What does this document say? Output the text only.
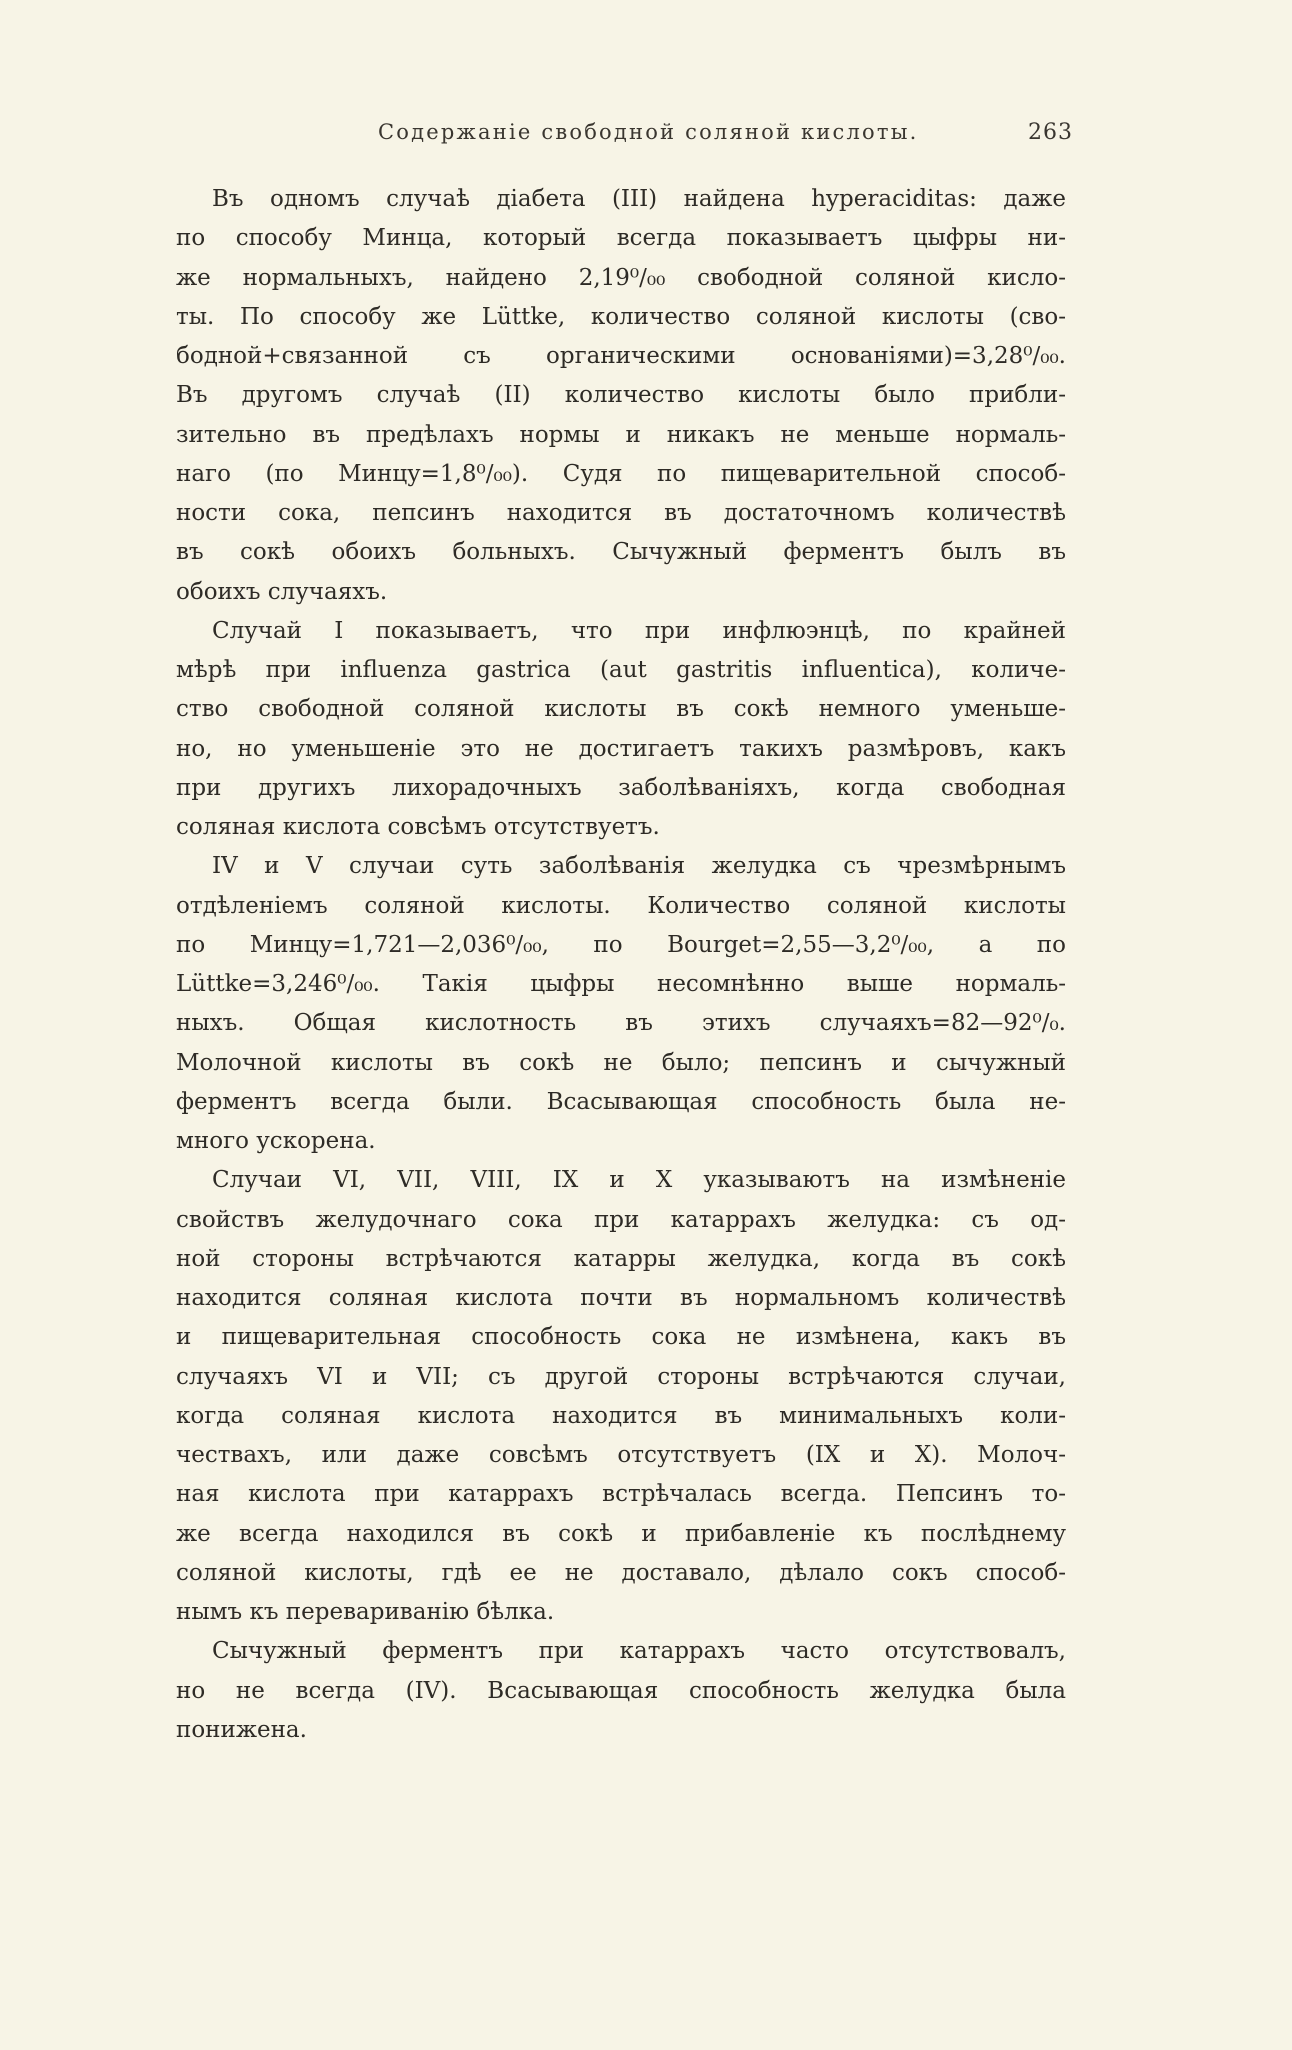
Содержаніе свободной соляной кислоты.	263
Въ одномъ случаѣ діабета (III) найдена hyperaciditas: даже
по способу Минца, который всегда показываетъ цыфры ни-
же нормальныхъ, найдено 2,19⁰/₀₀ свободной соляной кисло-
ты. По способу же Lüttke, количество соляной кислоты (сво-
бодной+связанной съ органическими основаніями)=3,28⁰/₀₀.
Въ другомъ случаѣ (II) количество кислоты было прибли-
зительно въ предѣлахъ нормы и никакъ не меньше нормаль-
наго (по Минцу=1,8⁰/₀₀). Судя по пищеварительной способ-
ности сока, пепсинъ находится въ достаточномъ количествѣ
въ сокѣ обоихъ больныхъ. Сычужный ферментъ былъ въ
обоихъ случаяхъ.
Случай I показываетъ, что при инфлюэнцѣ, по крайней
мѣрѣ при influenza gastrica (aut gastritis influentica), количе-
ство свободной соляной кислоты въ сокѣ немного уменьше-
но, но уменьшеніе это не достигаетъ такихъ размѣровъ, какъ
при другихъ лихорадочныхъ заболѣваніяхъ, когда свободная
соляная кислота совсѣмъ отсутствуетъ.
IV и V случаи суть заболѣванія желудка съ чрезмѣрнымъ
отдѣленіемъ соляной кислоты. Количество соляной кислоты
по Минцу=1,721—2,036⁰/₀₀, по Bourget=2,55—3,2⁰/₀₀, а по
Lüttke=3,246⁰/₀₀. Такія цыфры несомнѣнно выше нормаль-
ныхъ. Общая кислотность въ этихъ случаяхъ=82—92⁰/₀.
Молочной кислоты въ сокѣ не было; пепсинъ и сычужный
ферментъ всегда были. Всасывающая способность была не-
много ускорена.
Случаи VI, VII, VIII, IX и X указываютъ на измѣненіе
свойствъ желудочнаго сока при катаррахъ желудка: съ од-
ной стороны встрѣчаются катарры желудка, когда въ сокѣ
находится соляная кислота почти въ нормальномъ количествѣ
и пищеварительная способность сока не измѣнена, какъ въ
случаяхъ VI и VII; съ другой стороны встрѣчаются случаи,
когда соляная кислота находится въ минимальныхъ коли-
чествахъ, или даже совсѣмъ отсутствуетъ (IX и X). Молоч-
ная кислота при катаррахъ встрѣчалась всегда. Пепсинъ то-
же всегда находился въ сокѣ и прибавленіе къ послѣднему
соляной кислоты, гдѣ ее не доставало, дѣлало сокъ способ-
нымъ къ перевариванію бѣлка.
Сычужный ферментъ при катаррахъ часто отсутствовалъ,
но не всегда (IV). Всасывающая способность желудка была
понижена.
